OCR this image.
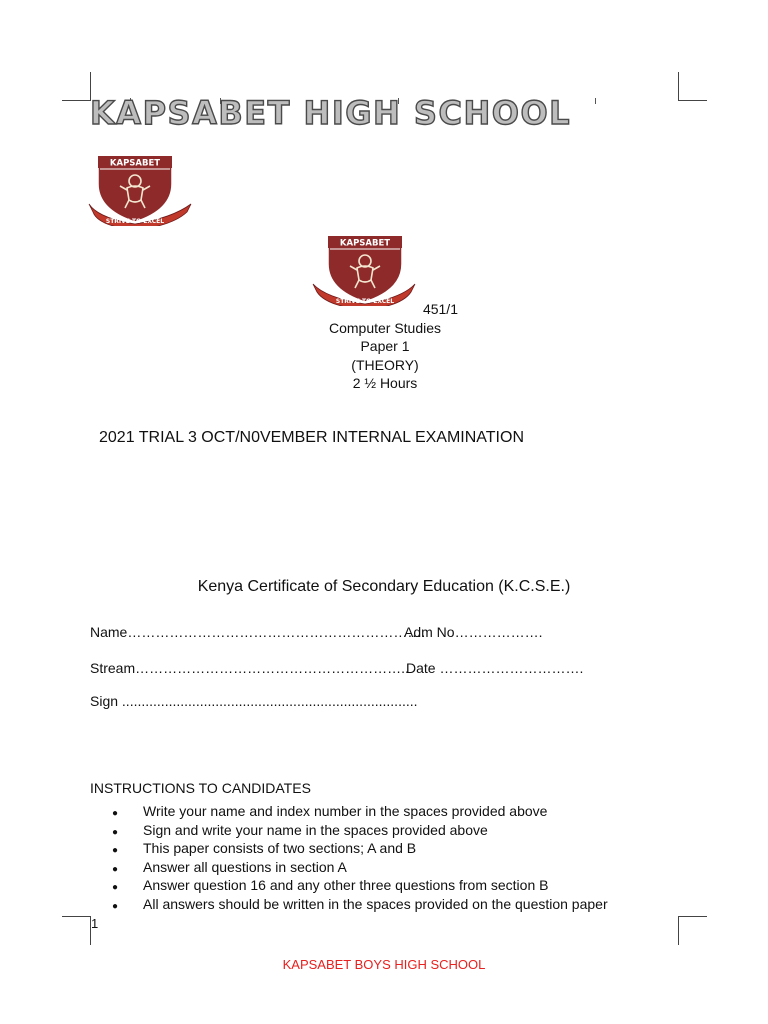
KAPSABET HIGH SCHOOL
KAPSABET
STRIVE TO EXCEL
KAPSABET
STRIVE TO EXCEL	451/1
Computer Studies
Paper 1
(THEORY)
2 ½ Hours
2021 TRIAL 3 OCT/N0VEMBER INTERNAL EXAMINATION
Kenya Certificate of Secondary Education (K.C.S.E.)
Name……………………………………………………….
Adm No……………….
Stream…………………………………………………..
Date ………………………….
Sign ............................................................................
INSTRUCTIONS TO CANDIDATES
● Write your name and index number in the spaces provided above
● Sign and write your name in the spaces provided above
● This paper consists of two sections; A and B
● Answer all questions in section A
● Answer question 16 and any other three questions from section B
● All answers should be written in the spaces provided on the question paper
1
KAPSABET BOYS HIGH SCHOOL
